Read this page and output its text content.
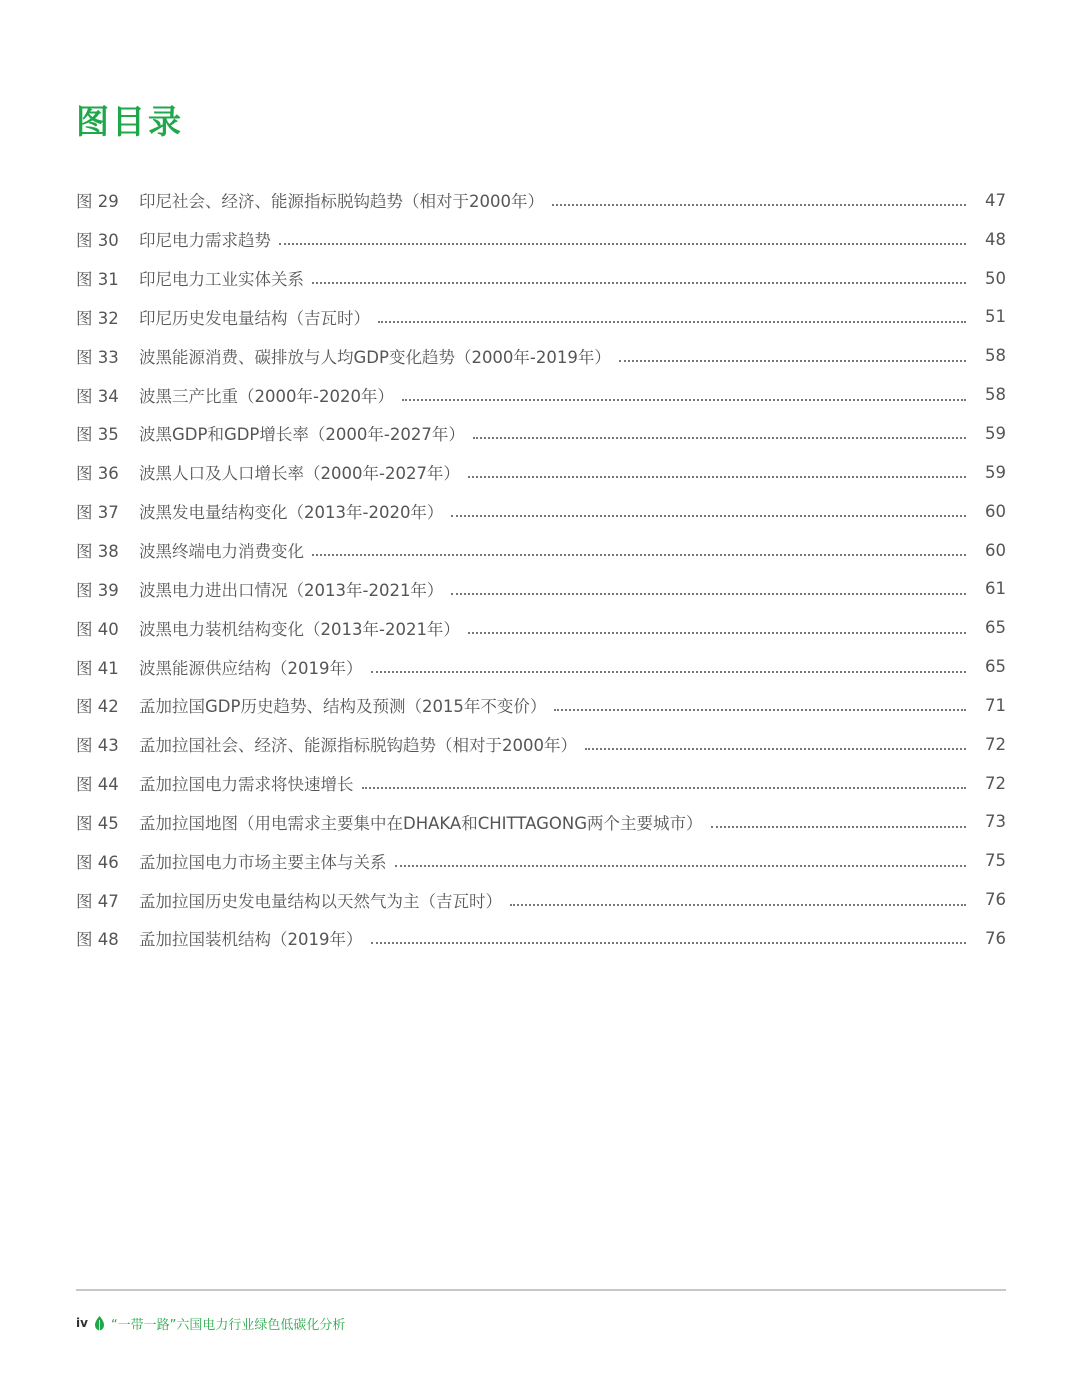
图目录
图 29	印尼社会、经济、能源指标脱钩趋势（相对于2000年）	47
图 30	印尼电力需求趋势	48
图 31	印尼电力工业实体关系	50
图 32	印尼历史发电量结构（吉瓦时）	51
图 33	波黑能源消费、碳排放与人均GDP变化趋势（2000年-2019年）	58
图 34	波黑三产比重（2000年-2020年）	58
图 35	波黑GDP和GDP增长率（2000年-2027年）	59
图 36	波黑人口及人口增长率（2000年-2027年）	59
图 37	波黑发电量结构变化（2013年-2020年）	60
图 38	波黑终端电力消费变化	60
图 39	波黑电力进出口情况（2013年-2021年）	61
图 40	波黑电力装机结构变化（2013年-2021年）	65
图 41	波黑能源供应结构（2019年）	65
图 42	孟加拉国GDP历史趋势、结构及预测（2015年不变价）	71
图 43	孟加拉国社会、经济、能源指标脱钩趋势（相对于2000年）	72
图 44	孟加拉国电力需求将快速增长	72
图 45	孟加拉国地图（用电需求主要集中在DHAKA和CHITTAGONG两个主要城市）	73
图 46	孟加拉国电力市场主要主体与关系	75
图 47	孟加拉国历史发电量结构以天然气为主（吉瓦时）	76
图 48	孟加拉国装机结构（2019年）	76
iv “一带一路”六国电力行业绿色低碳化分析
